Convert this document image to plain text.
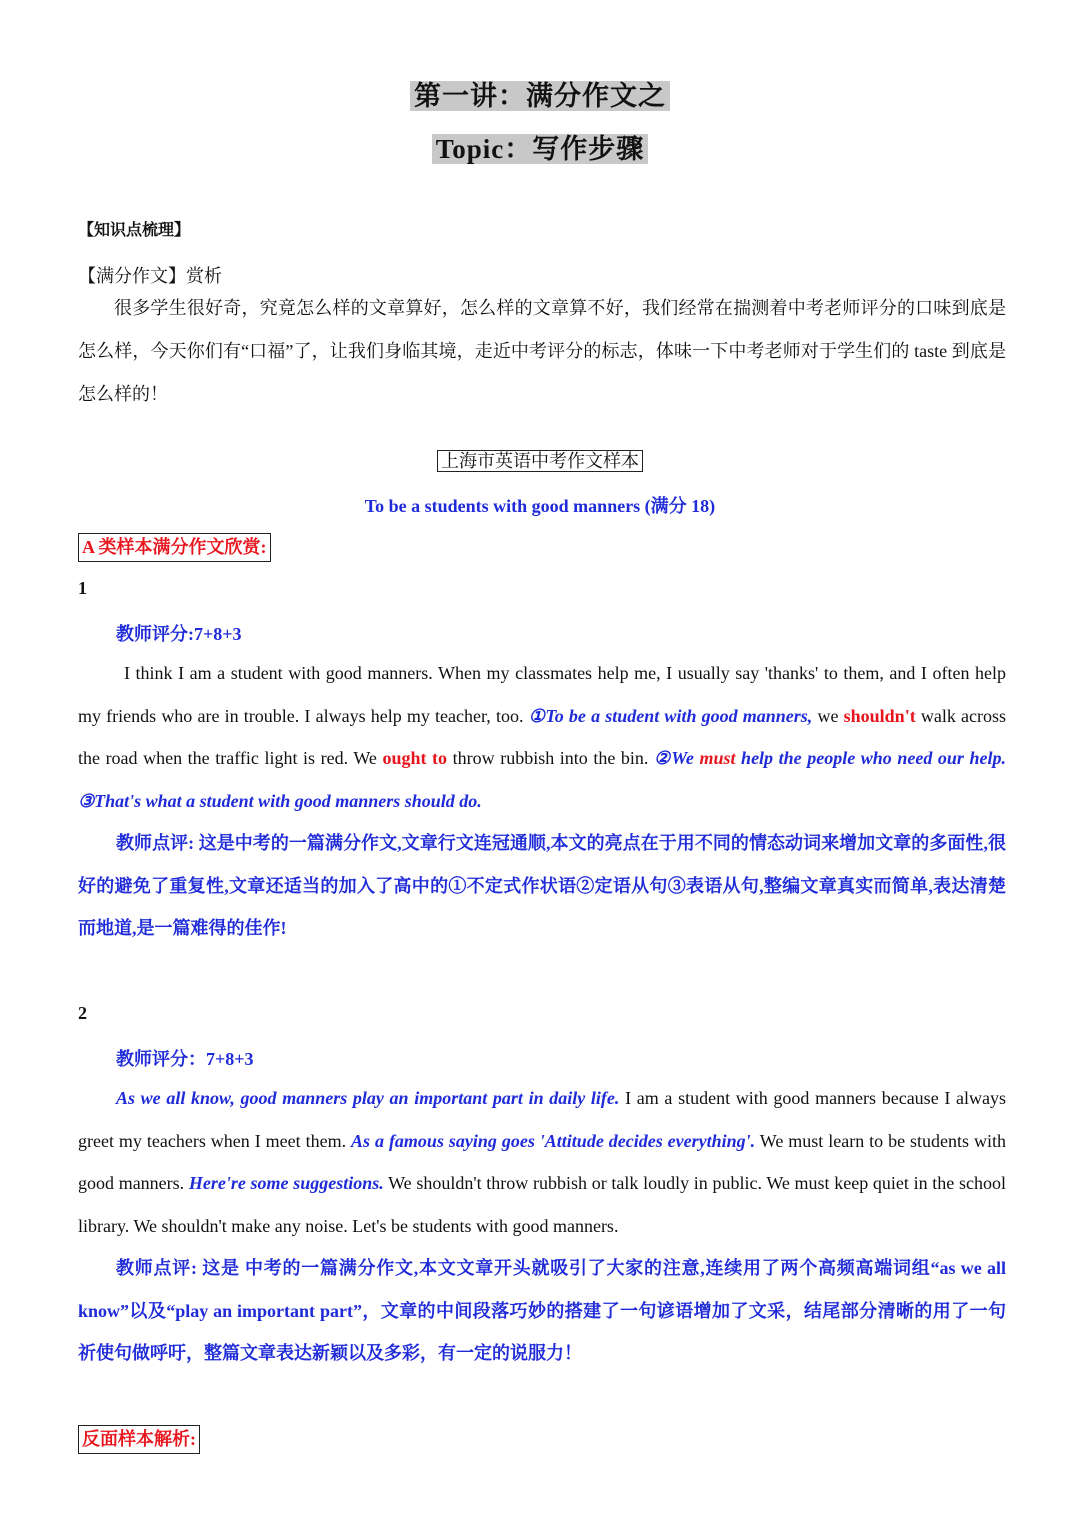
第一讲：满分作文之
Topic：写作步骤
【知识点梳理】
【满分作文】赏析
很多学生很好奇，究竟怎么样的文章算好，怎么样的文章算不好，我们经常在揣测着中考老师评分的口味到底是怎么样，今天你们有“口福”了，让我们身临其境，走近中考评分的标志，体味一下中考老师对于学生们的 taste 到底是怎么样的！
上海市英语中考作文样本
To be a students with good manners (满分 18)
A 类样本满分作文欣赏:
1
教师评分:7+8+3
I think I am a student with good manners. When my classmates help me, I usually say 'thanks' to them, and I often help my friends who are in trouble. I always help my teacher, too. ①To be a student with good manners, we shouldn't walk across the road when the traffic light is red. We ought to throw rubbish into the bin. ②We must help the people who need our help. ③That's what a student with good manners should do.
教师点评: 这是中考的一篇满分作文,文章行文连冠通顺,本文的亮点在于用不同的情态动词来增加文章的多面性,很好的避免了重复性,文章还适当的加入了高中的①不定式作状语②定语从句③表语从句,整编文章真实而简单,表达清楚而地道,是一篇难得的佳作!
2
教师评分：7+8+3
As we all know, good manners play an important part in daily life. I am a student with good manners because I always greet my teachers when I meet them. As a famous saying goes 'Attitude decides everything'. We must learn to be students with good manners. Here're some suggestions. We shouldn't throw rubbish or talk loudly in public. We must keep quiet in the school library. We shouldn't make any noise. Let's be students with good manners.
教师点评: 这是 中考的一篇满分作文,本文文章开头就吸引了大家的注意,连续用了两个高频高端词组“as we all know”以及“play an important part”，文章的中间段落巧妙的搭建了一句谚语增加了文采，结尾部分清晰的用了一句祈使句做呼吁，整篇文章表达新颖以及多彩，有一定的说服力！
反面样本解析:
